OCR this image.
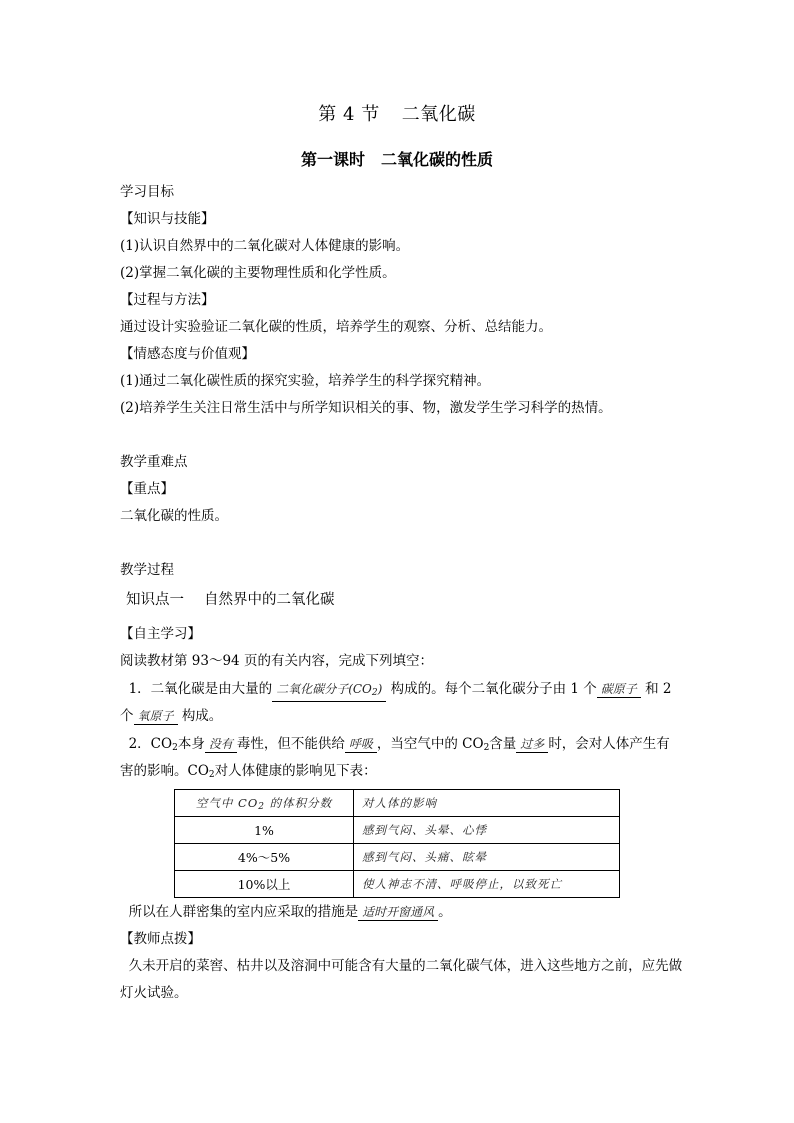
第 4 节 二氧化碳
第一课时 二氧化碳的性质
学习目标
【知识与技能】
(1)认识自然界中的二氧化碳对人体健康的影响。
(2)掌握二氧化碳的主要物理性质和化学性质。
【过程与方法】
通过设计实验验证二氧化碳的性质，培养学生的观察、分析、总结能力。
【情感态度与价值观】
(1)通过二氧化碳性质的探究实验，培养学生的科学探究精神。
(2)培养学生关注日常生活中与所学知识相关的事、物，激发学生学习科学的热情。
教学重难点
【重点】
二氧化碳的性质。
教学过程
知识点一 自然界中的二氧化碳
【自主学习】
阅读教材第 93～94 页的有关内容，完成下列填空：
1．二氧化碳是由大量的 二氧化碳分子$(CO_2)$ 构成的。每个二氧化碳分子由 1 个 碳原子 和 2
个 氧原子 构成。
2．$CO_2$本身 没有 毒性，但不能供给 呼吸 ，当空气中的 $CO_2$含量 过多 时，会对人体产生有
害的影响。$CO_2$对人体健康的影响见下表：
空气中 $CO_2$ 的体积分数	对人体的影响
1%	感到气闷、头晕、心悸
4%～5%	感到气闷、头痛、眩晕
10%以上	使人神志不清、呼吸停止，以致死亡
所以在人群密集的室内应采取的措施是 适时开窗通风 。
【教师点拨】
久未开启的菜窖、枯井以及溶洞中可能含有大量的二氧化碳气体，进入这些地方之前，应先做
灯火试验。
